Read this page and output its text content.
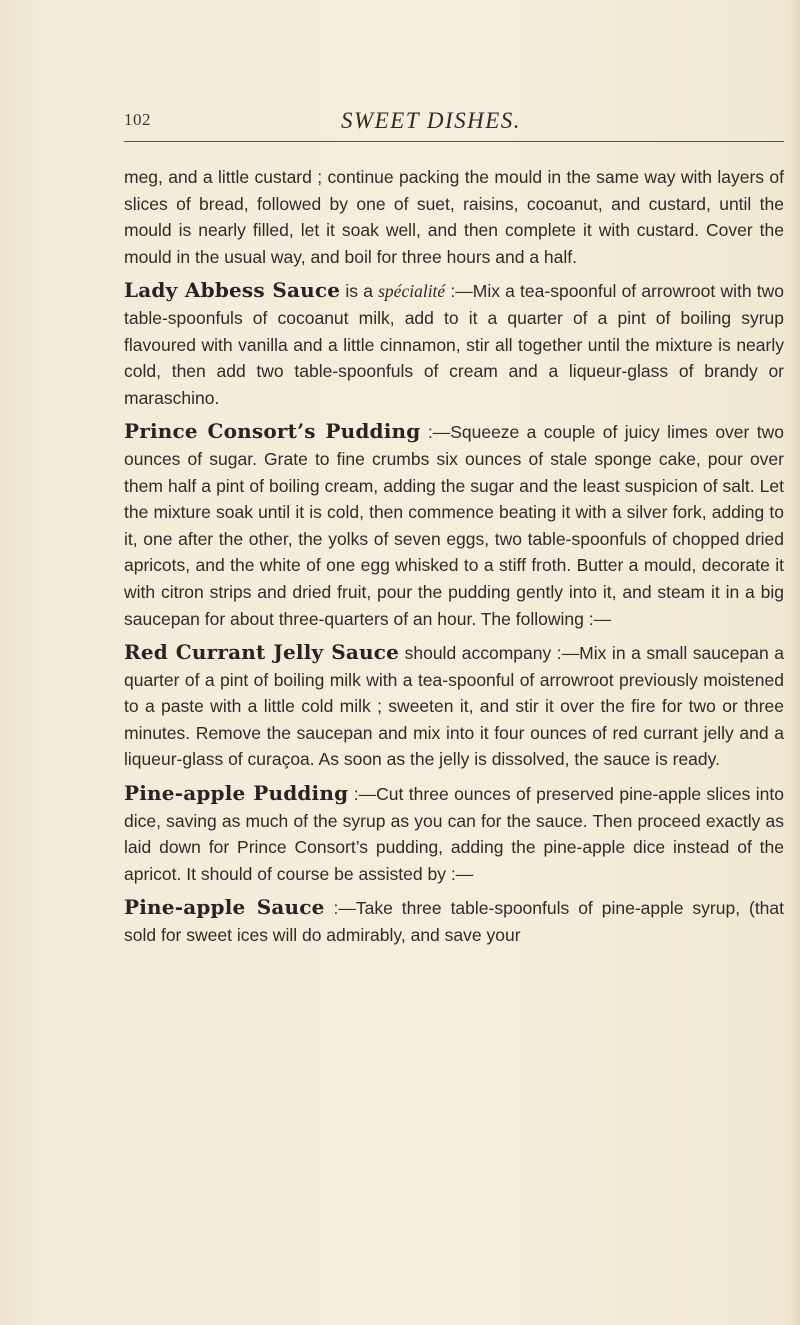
102	SWEET DISHES.

meg, and a little custard ; continue packing the mould in the same way with layers of slices of bread, followed by one of suet, raisins, cocoanut, and custard, until the mould is nearly filled, let it soak well, and then complete it with custard. Cover the mould in the usual way, and boil for three hours and a half.

Lady Abbess Sauce is a spécialité :—Mix a tea-spoonful of arrowroot with two table-spoonfuls of cocoanut milk, add to it a quarter of a pint of boiling syrup flavoured with vanilla and a little cinnamon, stir all together until the mixture is nearly cold, then add two table-spoonfuls of cream and a liqueur-glass of brandy or maraschino.

Prince Consort’s Pudding :—Squeeze a couple of juicy limes over two ounces of sugar. Grate to fine crumbs six ounces of stale sponge cake, pour over them half a pint of boiling cream, adding the sugar and the least suspicion of salt. Let the mixture soak until it is cold, then commence beating it with a silver fork, adding to it, one after the other, the yolks of seven eggs, two table-spoonfuls of chopped dried apricots, and the white of one egg whisked to a stiff froth. Butter a mould, decorate it with citron strips and dried fruit, pour the pudding gently into it, and steam it in a big saucepan for about three-quarters of an hour. The following :—

Red Currant Jelly Sauce should accompany :—Mix in a small saucepan a quarter of a pint of boiling milk with a tea-spoonful of arrowroot previously moistened to a paste with a little cold milk ; sweeten it, and stir it over the fire for two or three minutes. Remove the saucepan and mix into it four ounces of red currant jelly and a liqueur-glass of curaçoa. As soon as the jelly is dissolved, the sauce is ready.

Pine-apple Pudding :—Cut three ounces of preserved pine-apple slices into dice, saving as much of the syrup as you can for the sauce. Then proceed exactly as laid down for Prince Consort’s pudding, adding the pine-apple dice instead of the apricot. It should of course be assisted by :—

Pine-apple Sauce :—Take three table-spoonfuls of pine-apple syrup, (that sold for sweet ices will do admirably, and save your
